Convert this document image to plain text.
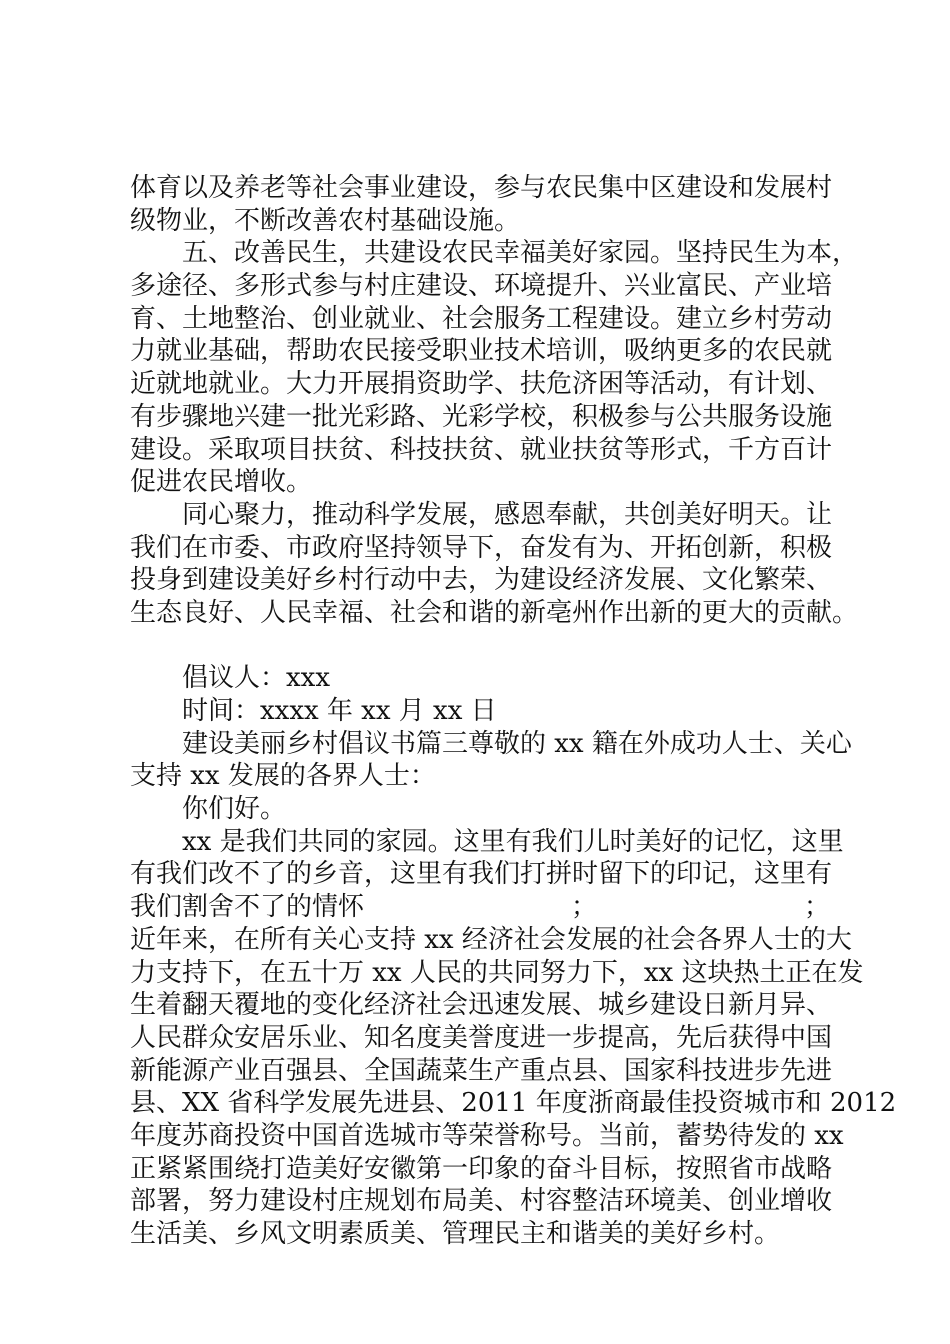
体育以及养老等社会事业建设，参与农民集中区建设和发展村
级物业，不断改善农村基础设施。
五、改善民生，共建设农民幸福美好家园。坚持民生为本，
多途径、多形式参与村庄建设、环境提升、兴业富民、产业培
育、土地整治、创业就业、社会服务工程建设。建立乡村劳动
力就业基础，帮助农民接受职业技术培训，吸纳更多的农民就
近就地就业。大力开展捐资助学、扶危济困等活动，有计划、
有步骤地兴建一批光彩路、光彩学校，积极参与公共服务设施
建设。采取项目扶贫、科技扶贫、就业扶贫等形式，千方百计
促进农民增收。
同心聚力，推动科学发展，感恩奉献，共创美好明天。让
我们在市委、市政府坚持领导下，奋发有为、开拓创新，积极
投身到建设美好乡村行动中去，为建设经济发展、文化繁荣、
生态良好、人民幸福、社会和谐的新亳州作出新的更大的贡献。
倡议人：xxx
时间：xxxx 年 xx 月 xx 日
建设美丽乡村倡议书篇三尊敬的 xx 籍在外成功人士、关心
支持 xx 发展的各界人士：
你们好。
xx 是我们共同的家园。这里有我们儿时美好的记忆，这里
有我们改不了的乡音，这里有我们打拼时留下的印记，这里有
我们割舍不了的情怀	；	；
近年来，在所有关心支持 xx 经济社会发展的社会各界人士的大
力支持下，在五十万 xx 人民的共同努力下，xx 这块热土正在发
生着翻天覆地的变化经济社会迅速发展、城乡建设日新月异、
人民群众安居乐业、知名度美誉度进一步提高，先后获得中国
新能源产业百强县、全国蔬菜生产重点县、国家科技进步先进
县、XX 省科学发展先进县、2011 年度浙商最佳投资城市和 2012
年度苏商投资中国首选城市等荣誉称号。当前，蓄势待发的 xx
正紧紧围绕打造美好安徽第一印象的奋斗目标，按照省市战略
部署，努力建设村庄规划布局美、村容整洁环境美、创业增收
生活美、乡风文明素质美、管理民主和谐美的美好乡村。
